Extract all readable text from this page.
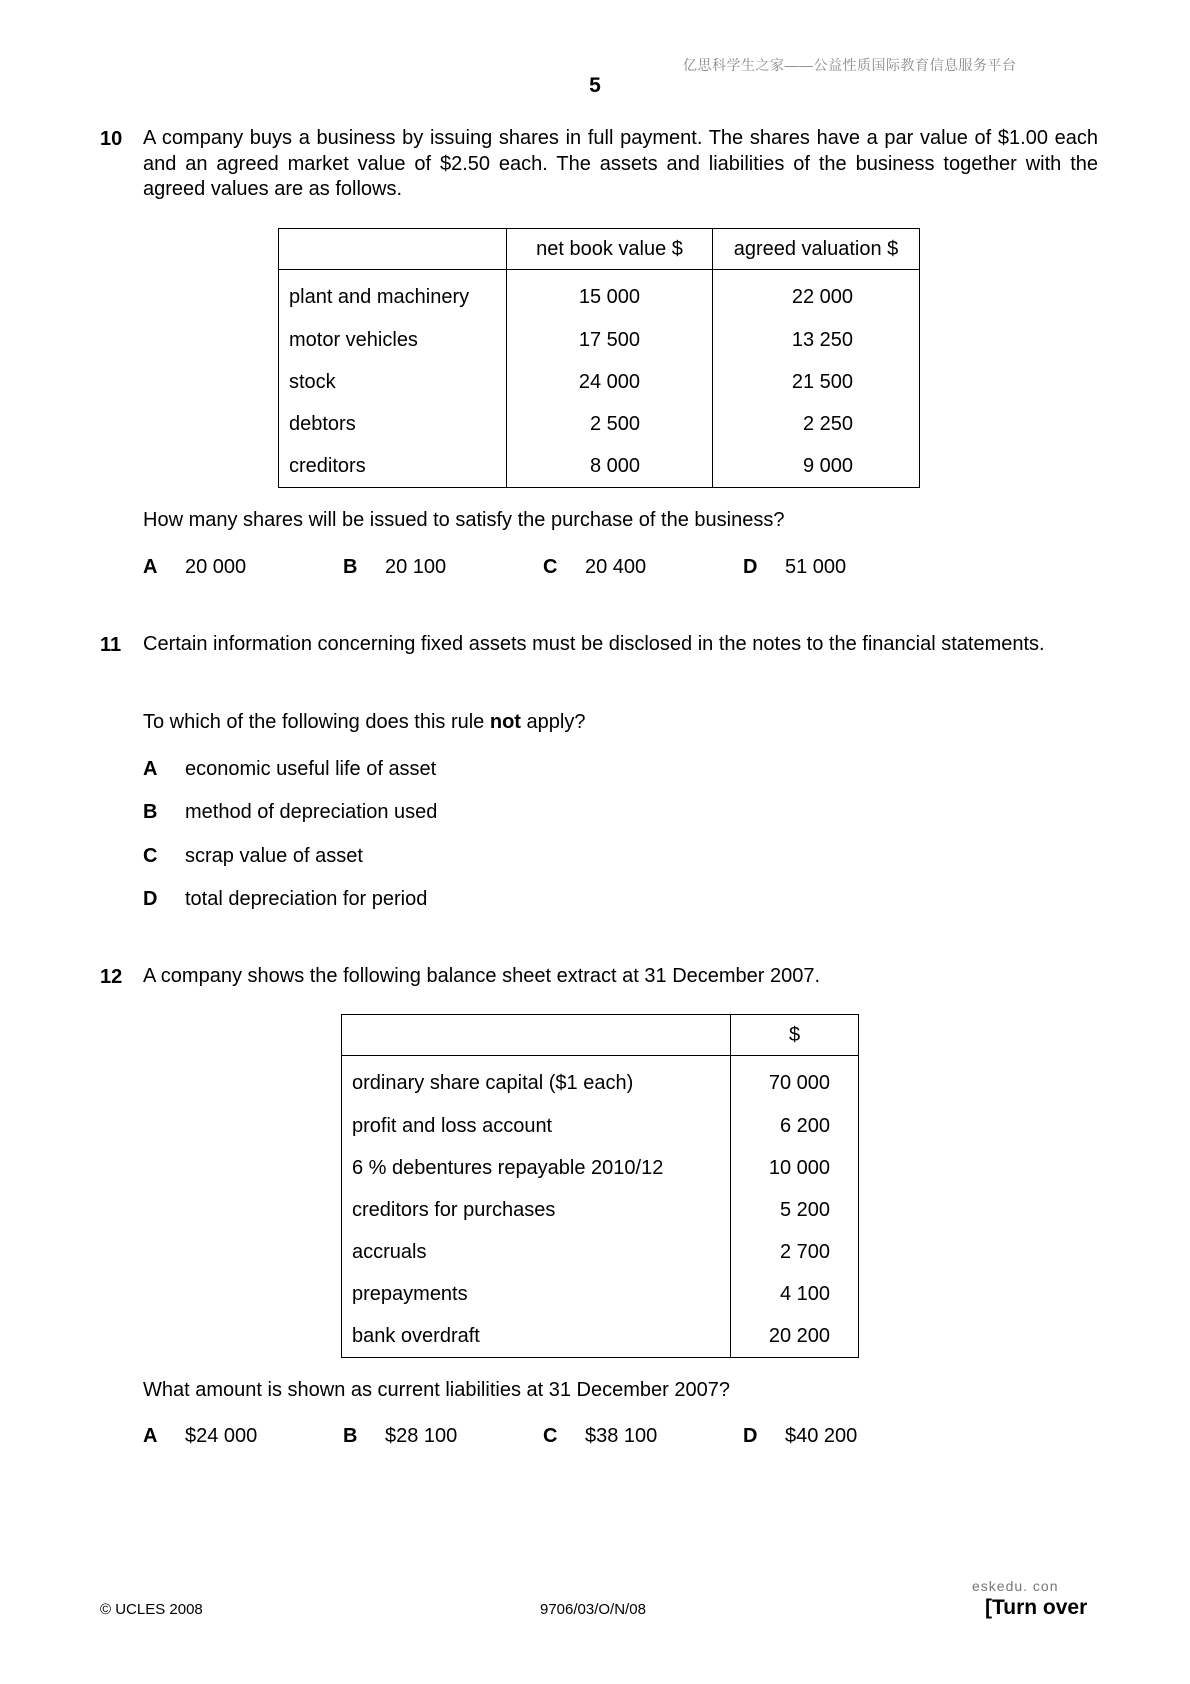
亿思科学生之家——公益性质国际教育信息服务平台
5
10 A company buys a business by issuing shares in full payment. The shares have a par value of $1.00 each and an agreed market value of $2.50 each. The assets and liabilities of the business together with the agreed values are as follows.
	net book value $	agreed valuation $
plant and machinery	15 000	22 000
motor vehicles	17 500	13 250
stock	24 000	21 500
debtors	2 500	2 250
creditors	8 000	9 000
How many shares will be issued to satisfy the purchase of the business?
A 20 000	B 20 100	C 20 400	D 51 000
11 Certain information concerning fixed assets must be disclosed in the notes to the financial statements.
To which of the following does this rule not apply?
A economic useful life of asset
B method of depreciation used
C scrap value of asset
D total depreciation for period
12 A company shows the following balance sheet extract at 31 December 2007.
	$
ordinary share capital ($1 each)	70 000
profit and loss account	6 200
6 % debentures repayable 2010/12	10 000
creditors for purchases	5 200
accruals	2 700
prepayments	4 100
bank overdraft	20 200
What amount is shown as current liabilities at 31 December 2007?
A $24 000	B $28 100	C $38 100	D $40 200
eskedu. con
© UCLES 2008	9706/03/O/N/08	[Turn over
